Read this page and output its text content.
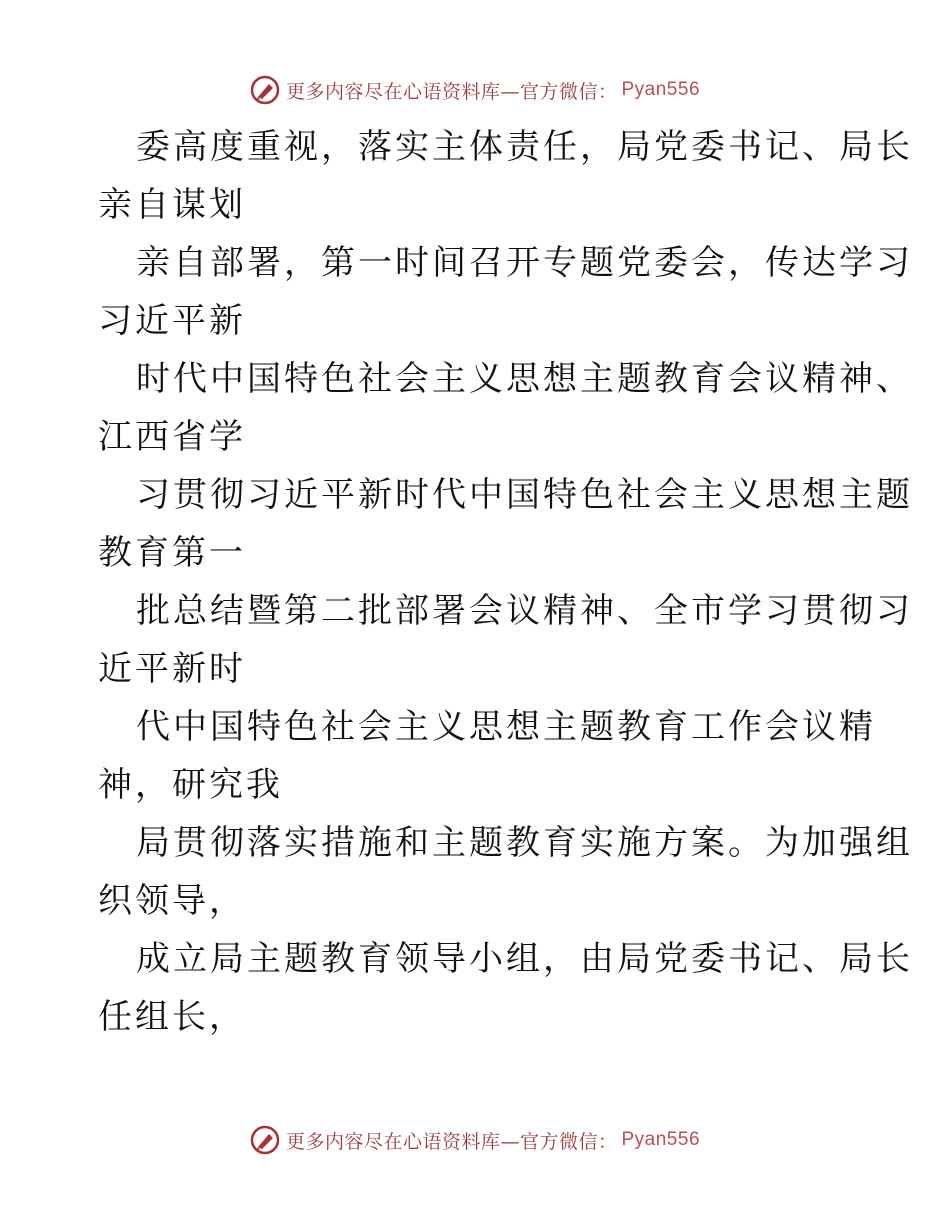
更多内容尽在心语资料库—官方微信： Pyan556

委高度重视，落实主体责任，局党委书记、局长
亲自谋划

亲自部署，第一时间召开专题党委会，传达学习
习近平新

时代中国特色社会主义思想主题教育会议精神、
江西省学

习贯彻习近平新时代中国特色社会主义思想主题
教育第一

批总结暨第二批部署会议精神、全市学习贯彻习
近平新时

代中国特色社会主义思想主题教育工作会议精
神，研究我

局贯彻落实措施和主题教育实施方案。为加强组
织领导，

成立局主题教育领导小组，由局党委书记、局长
任组长，

更多内容尽在心语资料库—官方微信： Pyan556
